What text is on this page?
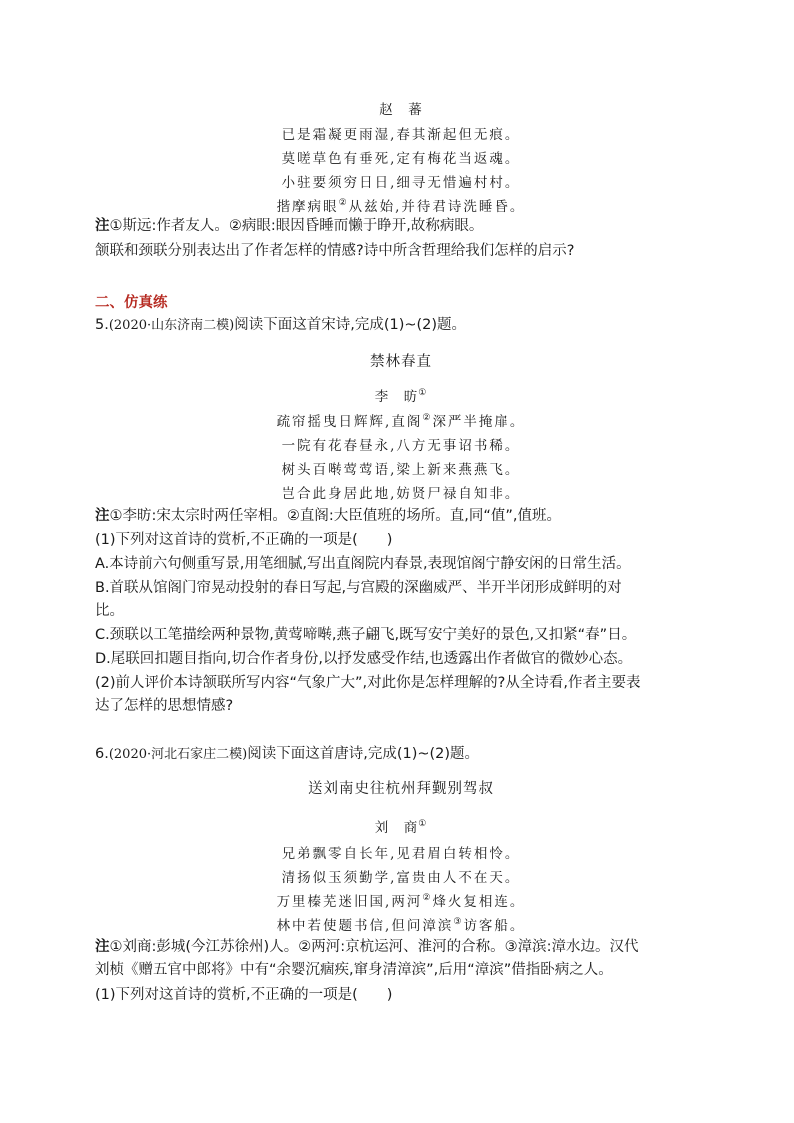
赵　蕃
已是霜凝更雨湿,春其渐起但无痕。
莫嗟草色有垂死,定有梅花当返魂。
小驻要须穷日日,细寻无惜遍村村。
揩摩病眼②从兹始,并待君诗洗睡昏。
注①斯远:作者友人。②病眼:眼因昏睡而懒于睁开,故称病眼。
颔联和颈联分别表达出了作者怎样的情感?诗中所含哲理给我们怎样的启示?
二、仿真练
5.(2020·山东济南二模)阅读下面这首宋诗,完成(1)~(2)题。
禁林春直
李　昉①
疏帘摇曳日辉辉,直阁②深严半掩扉。
一院有花春昼永,八方无事诏书稀。
树头百啭莺莺语,梁上新来燕燕飞。
岂合此身居此地,妨贤尸禄自知非。
注①李昉:宋太宗时两任宰相。②直阁:大臣值班的场所。直,同“值”,值班。
(1)下列对这首诗的赏析,不正确的一项是(　　)
A.本诗前六句侧重写景,用笔细腻,写出直阁院内春景,表现馆阁宁静安闲的日常生活。
B.首联从馆阁门帘晃动投射的春日写起,与宫殿的深幽威严、半开半闭形成鲜明的对
比。
C.颈联以工笔描绘两种景物,黄莺啼啭,燕子翩飞,既写安宁美好的景色,又扣紧“春”日。
D.尾联回扣题目指向,切合作者身份,以抒发感受作结,也透露出作者做官的微妙心态。
(2)前人评价本诗颔联所写内容“气象广大”,对此你是怎样理解的?从全诗看,作者主要表
达了怎样的思想情感?
6.(2020·河北石家庄二模)阅读下面这首唐诗,完成(1)~(2)题。
送刘南史往杭州拜觐别驾叔
刘　商①
兄弟飘零自长年,见君眉白转相怜。
清扬似玉须勤学,富贵由人不在天。
万里榛芜迷旧国,两河②烽火复相连。
林中若使题书信,但问漳滨③访客船。
注①刘商:彭城(今江苏徐州)人。②两河:京杭运河、淮河的合称。③漳滨:漳水边。汉代
刘桢《赠五官中郎将》中有“余婴沉痼疾,窜身清漳滨”,后用“漳滨”借指卧病之人。
(1)下列对这首诗的赏析,不正确的一项是(　　)
